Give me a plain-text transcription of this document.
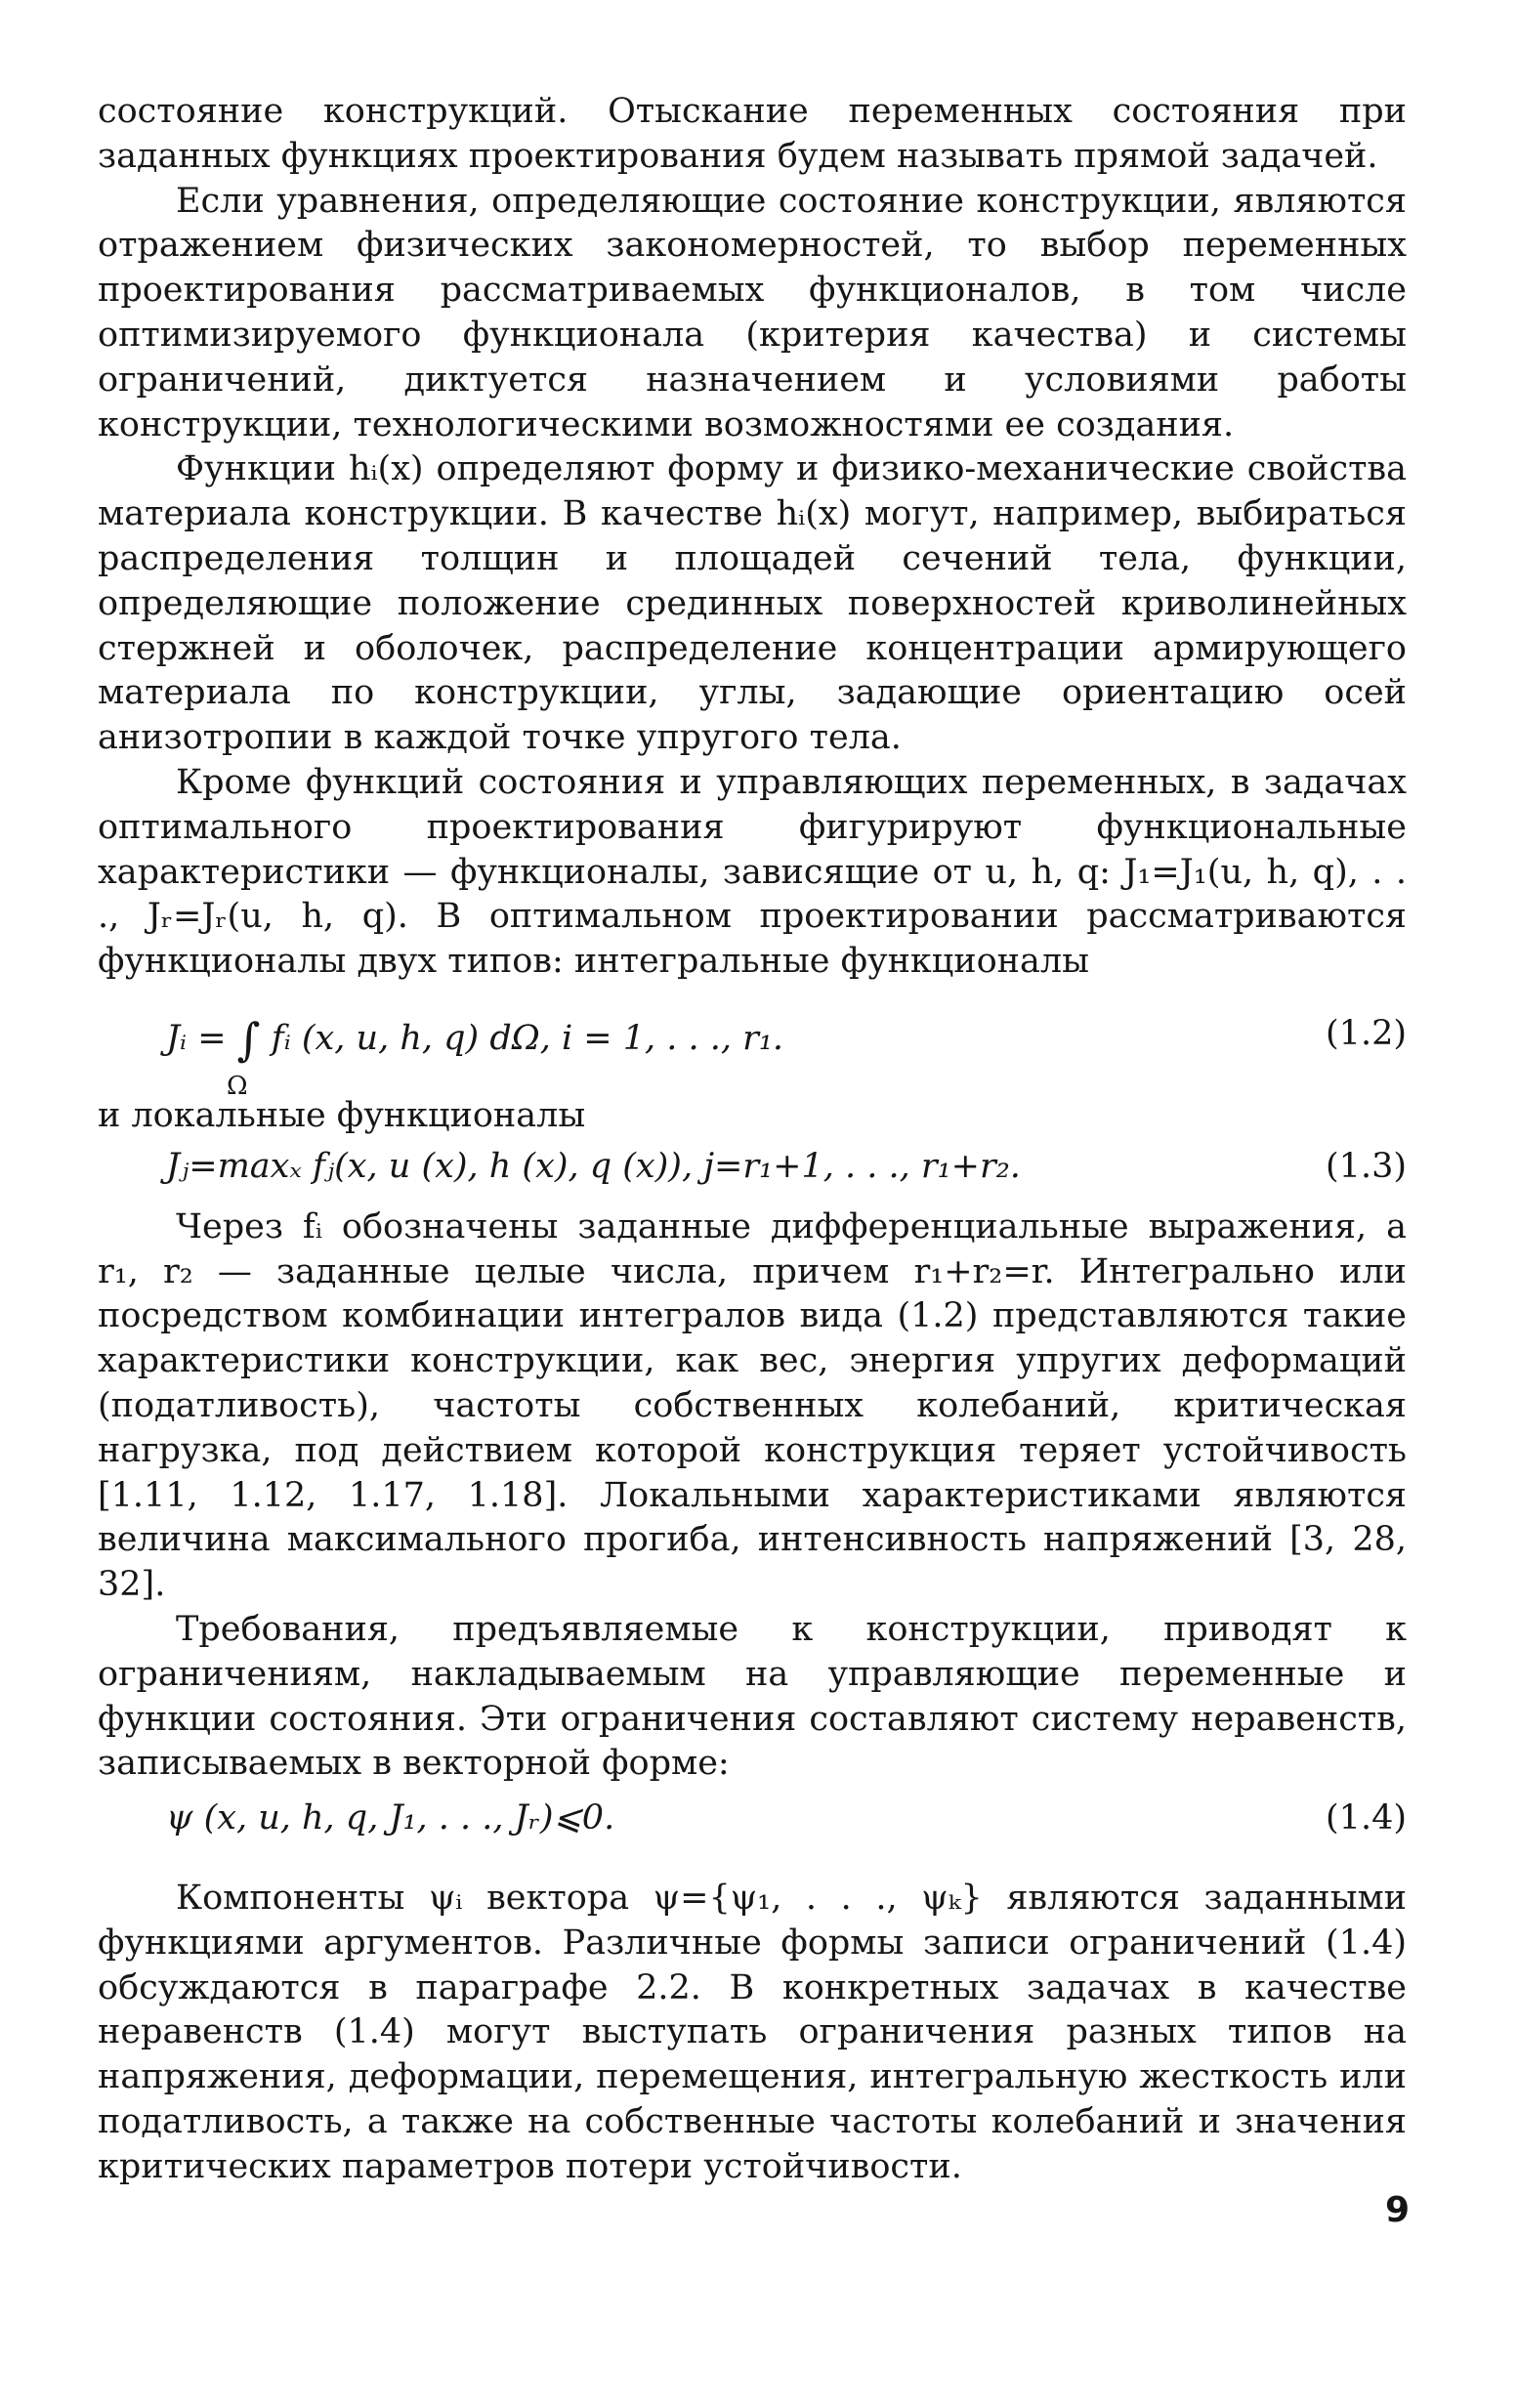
состояние конструкций. Отыскание переменных состояния при заданных функциях проектирования будем называть прямой задачей.

Если уравнения, определяющие состояние конструкции, являются отражением физических закономерностей, то выбор переменных проектирования рассматриваемых функционалов, в том числе оптимизируемого функционала (критерия качества) и системы ограничений, диктуется назначением и условиями работы конструкции, технологическими возможностями ее создания.

Функции hᵢ(x) определяют форму и физико-механические свойства материала конструкции. В качестве hᵢ(x) могут, например, выбираться распределения толщин и площадей сечений тела, функции, определяющие положение срединных поверхностей криволинейных стержней и оболочек, распределение концентрации армирующего материала по конструкции, углы, задающие ориентацию осей анизотропии в каждой точке упругого тела.

Кроме функций состояния и управляющих переменных, в задачах оптимального проектирования фигурируют функциональные характеристики — функционалы, зависящие от u, h, q: J₁=J₁(u, h, q), . . ., Jᵣ=Jᵣ(u, h, q). В оптимальном проектировании рассматриваются функционалы двух типов: интегральные функционалы

Jᵢ = ∫ fᵢ (x, u, h, q) dΩ, i = 1, . . ., r₁.
Ω
(1.2)

и локальные функционалы

Jⱼ=maxₓ fⱼ(x, u (x), h (x), q (x)), j=r₁+1, . . ., r₁+r₂.	(1.3)

Через fᵢ обозначены заданные дифференциальные выражения, а r₁, r₂ — заданные целые числа, причем r₁+r₂=r. Интегрально или посредством комбинации интегралов вида (1.2) представляются такие характеристики конструкции, как вес, энергия упругих деформаций (податливость), частоты собственных колебаний, критическая нагрузка, под действием которой конструкция теряет устойчивость [1.11, 1.12, 1.17, 1.18]. Локальными характеристиками являются величина максимального прогиба, интенсивность напряжений [3, 28, 32].

Требования, предъявляемые к конструкции, приводят к ограничениям, накладываемым на управляющие переменные и функции состояния. Эти ограничения составляют систему неравенств, записываемых в векторной форме:

ψ (x, u, h, q, J₁, . . ., Jᵣ)⩽0.	(1.4)

Компоненты ψᵢ вектора ψ={ψ₁, . . ., ψₖ} являются заданными функциями аргументов. Различные формы записи ограничений (1.4) обсуждаются в параграфе 2.2. В конкретных задачах в качестве неравенств (1.4) могут выступать ограничения разных типов на напряжения, деформации, перемещения, интегральную жесткость или податливость, а также на собственные частоты колебаний и значения критических параметров потери устойчивости.

9
